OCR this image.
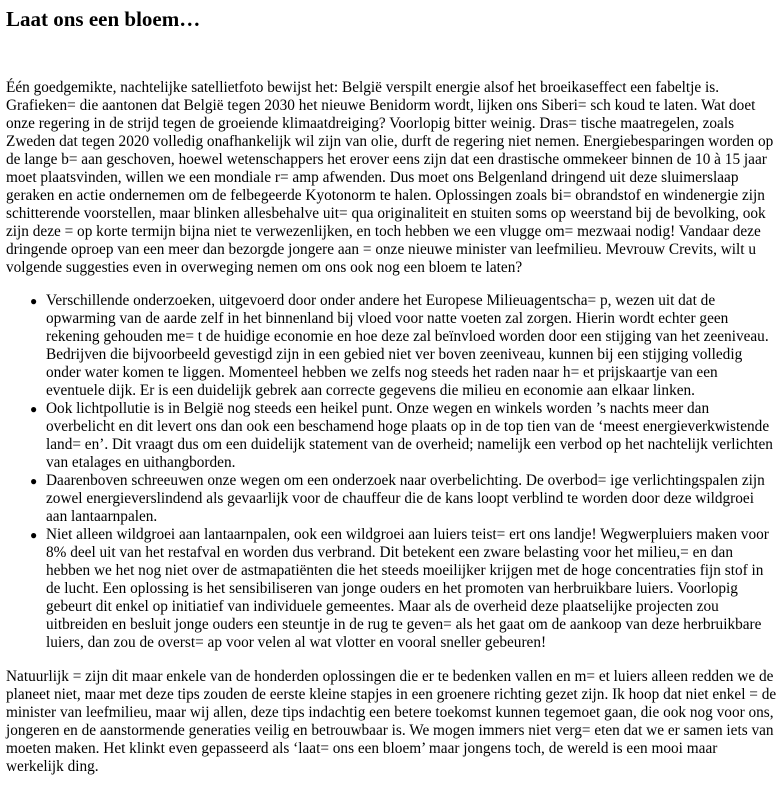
Laat ons een bloem…

Één goedgemikte, nachtelijke satellietfoto bewijst het: België verspilt energie alsof het broeikaseffect een fabeltje is. Grafieken= die aantonen dat België tegen 2030 het nieuwe Benidorm wordt, lijken ons Siberi= sch koud te laten. Wat doet onze regering in de strijd tegen de groeiende klimaatdreiging? Voorlopig bitter weinig. Dras= tische maatregelen, zoals Zweden dat tegen 2020 volledig onafhankelijk wil zijn van olie, durft de regering niet nemen. Energiebesparingen worden op de lange b= aan geschoven, hoewel wetenschappers het erover eens zijn dat een drastische ommekeer binnen de 10 à 15 jaar moet plaatsvinden, willen we een mondiale r= amp afwenden. Dus moet ons Belgenland dringend uit deze sluimerslaap geraken en actie ondernemen om de felbegeerde Kyotonorm te halen. Oplossingen zoals bi= obrandstof en windenergie zijn schitterende voorstellen, maar blinken allesbehalve uit= qua originaliteit en stuiten soms op weerstand bij de bevolking, ook zijn deze = op korte termijn bijna niet te verwezenlijken, en toch hebben we een vlugge om= mezwaai nodig! Vandaar deze dringende oproep van een meer dan bezorgde jongere aan = onze nieuwe minister van leefmilieu. Mevrouw Crevits, wilt u volgende suggesties even in overweging nemen om ons ook nog een bloem te laten?

● Verschillende onderzoeken, uitgevoerd door onder andere het Europese Milieuagentscha= p, wezen uit dat de opwarming van de aarde zelf in het binnenland bij vloed voor natte voeten zal zorgen. Hierin wordt echter geen rekening gehouden me= t de huidige economie en hoe deze zal beïnvloed worden door een stijging van het zeeniveau. Bedrijven die bijvoorbeeld gevestigd zijn in een gebied niet ver boven zeeniveau, kunnen bij een stijging volledig onder water komen te liggen. Momenteel hebben we zelfs nog steeds het raden naar h= et prijskaartje van een eventuele dijk. Er is een duidelijk gebrek aan correcte gegevens die milieu en economie aan elkaar linken.
● Ook lichtpollutie is in België nog steeds een heikel punt. Onze wegen en winkels worden ’s nachts meer dan overbelicht en dit levert ons dan ook een beschamend hoge plaats op in de top tien van de ‘meest energieverkwistende land= en’. Dit vraagt dus om een duidelijk statement van de overheid; namelijk een verbod op het nachtelijk verlichten van etalages en uithangborden.
● Daarenboven schreeuwen onze wegen om een onderzoek naar overbelichting. De overbod= ige verlichtingspalen zijn zowel energieverslindend als gevaarlijk voor de chauffeur die de kans loopt verblind te worden door deze wildgroei aan lantaarnpalen.
● Niet alleen wildgroei aan lantaarnpalen, ook een wildgroei aan luiers teist= ert ons landje! Wegwerpluiers maken voor 8% deel uit van het restafval en worden dus verbrand. Dit betekent een zware belasting voor het milieu,= en dan hebben we het nog niet over de astmapatiënten die het steeds moeilijker krijgen met de hoge concentraties fijn stof in de lucht. Een oplossing is het sensibiliseren van jonge ouders en het promoten van herbruikbare luiers. Voorlopig gebeurt dit enkel op initiatief van individuele gemeentes. Maar als de overheid deze plaatselijke projecten zou uitbreiden en besluit jonge ouders een steuntje in de rug te geven= als het gaat om de aankoop van deze herbruikbare luiers, dan zou de overst= ap voor velen al wat vlotter en vooral sneller gebeuren!

Natuurlijk = zijn dit maar enkele van de honderden oplossingen die er te bedenken vallen en m= et luiers alleen redden we de planeet niet, maar met deze tips zouden de eerste kleine stapjes in een groenere richting gezet zijn. Ik hoop dat niet enkel = de minister van leefmilieu, maar wij allen, deze tips indachtig een betere toekomst kunnen tegemoet gaan, die ook nog voor ons, jongeren en de aanstormende generaties veilig en betrouwbaar is. We mogen immers niet verg= eten dat we er samen iets van moeten maken. Het klinkt even gepasseerd als ‘laat= ons een bloem’ maar jongens toch, de wereld is een mooi maar werkelijk ding.
